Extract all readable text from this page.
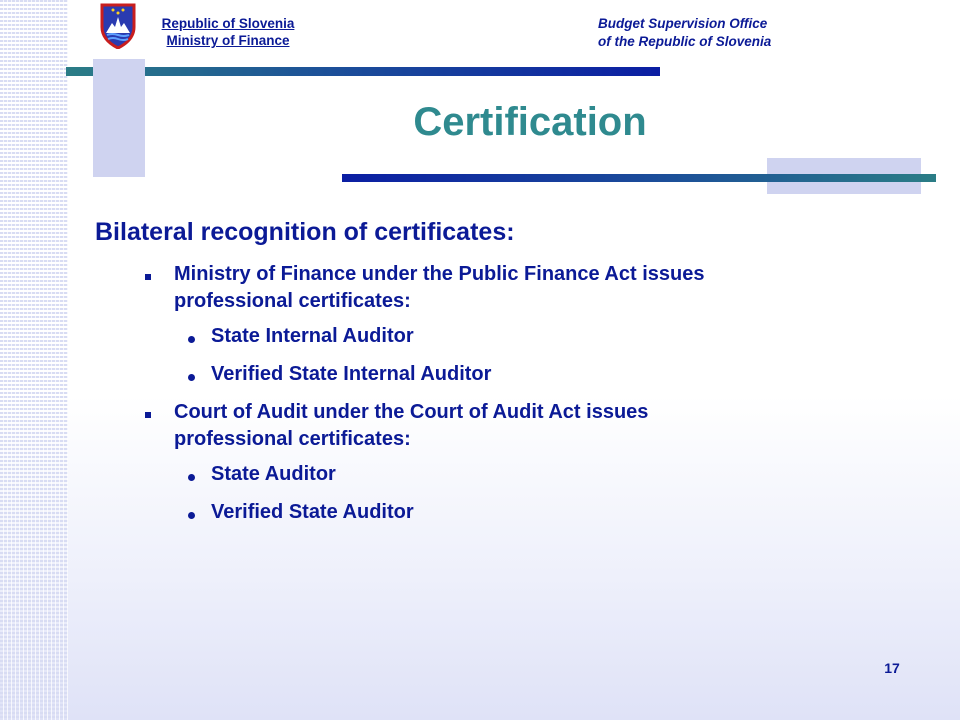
Republic of Slovenia
Ministry of Finance
Budget Supervision Office
of the Republic of Slovenia
Certification

Bilateral recognition of certificates:

Ministry of Finance under the Public Finance Act issues
professional certificates:
State Internal Auditor
Verified State Internal Auditor
Court of Audit under the Court of Audit Act issues
professional certificates:
State Auditor
Verified State Auditor
17
